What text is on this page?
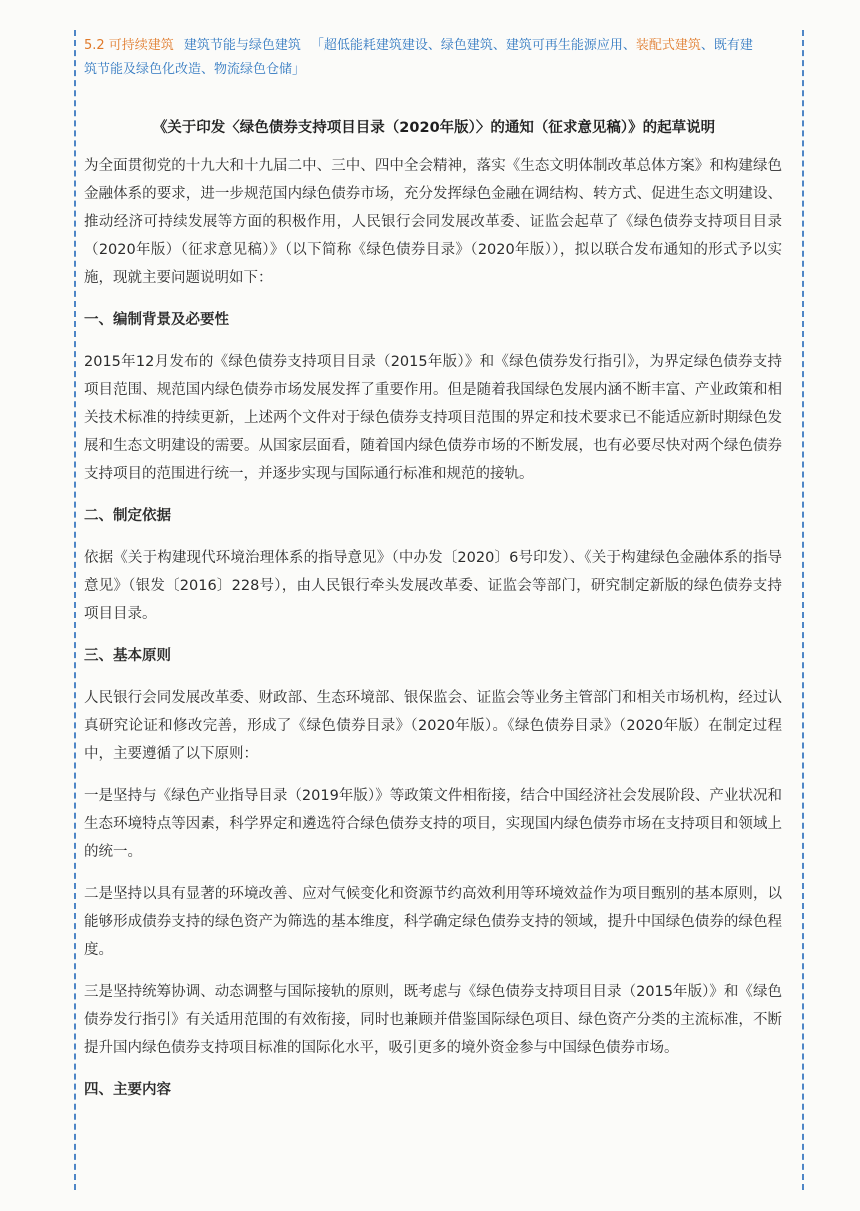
5.2 可持续建筑 建筑节能与绿色建筑 「超低能耗建筑建设、绿色建筑、建筑可再生能源应用、装配式建筑、既有建
筑节能及绿色化改造、物流绿色仓储」
《关于印发〈绿色债券支持项目目录（2020年版）〉的通知（征求意见稿）》的起草说明

为全面贯彻党的十九大和十九届二中、三中、四中全会精神，落实《生态文明体制改革总体方案》和构建绿色金融体系的要求，进一步规范国内绿色债券市场，充分发挥绿色金融在调结构、转方式、促进生态文明建设、推动经济可持续发展等方面的积极作用，人民银行会同发展改革委、证监会起草了《绿色债券支持项目目录（2020年版）（征求意见稿）》（以下简称《绿色债券目录》（2020年版）），拟以联合发布通知的形式予以实施，现就主要问题说明如下：

一、编制背景及必要性

2015年12月发布的《绿色债券支持项目目录（2015年版）》和《绿色债券发行指引》，为界定绿色债券支持项目范围、规范国内绿色债券市场发展发挥了重要作用。但是随着我国绿色发展内涵不断丰富、产业政策和相关技术标准的持续更新，上述两个文件对于绿色债券支持项目范围的界定和技术要求已不能适应新时期绿色发展和生态文明建设的需要。从国家层面看，随着国内绿色债券市场的不断发展，也有必要尽快对两个绿色债券支持项目的范围进行统一，并逐步实现与国际通行标准和规范的接轨。

二、制定依据

依据《关于构建现代环境治理体系的指导意见》（中办发〔2020〕6号印发）、《关于构建绿色金融体系的指导意见》（银发〔2016〕228号），由人民银行牵头发展改革委、证监会等部门，研究制定新版的绿色债券支持项目目录。

三、基本原则

人民银行会同发展改革委、财政部、生态环境部、银保监会、证监会等业务主管部门和相关市场机构，经过认真研究论证和修改完善，形成了《绿色债券目录》（2020年版）。《绿色债券目录》（2020年版）在制定过程中，主要遵循了以下原则：

一是坚持与《绿色产业指导目录（2019年版）》等政策文件相衔接，结合中国经济社会发展阶段、产业状况和生态环境特点等因素，科学界定和遴选符合绿色债券支持的项目，实现国内绿色债券市场在支持项目和领域上的统一。

二是坚持以具有显著的环境改善、应对气候变化和资源节约高效利用等环境效益作为项目甄别的基本原则，以能够形成债券支持的绿色资产为筛选的基本维度，科学确定绿色债券支持的领域，提升中国绿色债券的绿色程度。

三是坚持统筹协调、动态调整与国际接轨的原则，既考虑与《绿色债券支持项目目录（2015年版）》和《绿色债券发行指引》有关适用范围的有效衔接，同时也兼顾并借鉴国际绿色项目、绿色资产分类的主流标准，不断提升国内绿色债券支持项目标准的国际化水平，吸引更多的境外资金参与中国绿色债券市场。

四、主要内容
